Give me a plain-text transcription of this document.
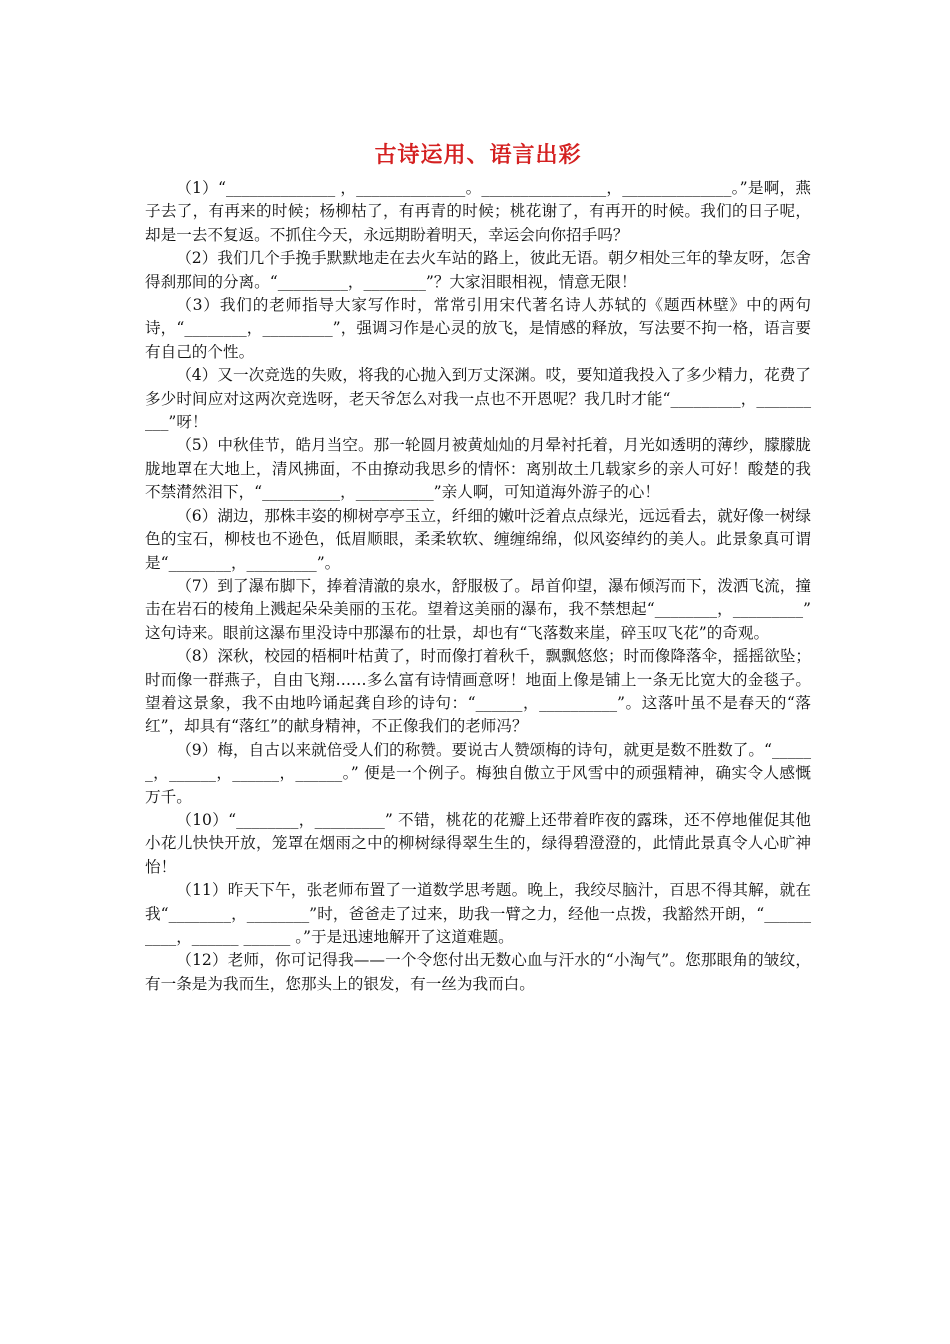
古诗运用、语言出彩

（1）“______________ ，______________。________________，______________。”是啊，燕子去了，有再来的时候；杨柳枯了，有再青的时候；桃花谢了，有再开的时候。我们的日子呢，却是一去不复返。不抓住今天，永远期盼着明天，幸运会向你招手吗？

（2）我们几个手挽手默默地走在去火车站的路上，彼此无语。朝夕相处三年的挚友呀，怎舍得刹那间的分离。“_________，________”？大家泪眼相视，情意无限！

（3）我们的老师指导大家写作时，常常引用宋代著名诗人苏轼的《题西林壁》中的两句诗，“________，_________”，强调习作是心灵的放飞，是情感的释放，写法要不拘一格，语言要有自己的个性。

（4）又一次竞选的失败，将我的心抛入到万丈深渊。哎，要知道我投入了多少精力，花费了多少时间应对这两次竞选呀，老天爷怎么对我一点也不开恩呢？我几时才能“_________，__________”呀！

（5）中秋佳节，皓月当空。那一轮圆月被黄灿灿的月晕衬托着，月光如透明的薄纱，朦朦胧胧地罩在大地上，清风拂面，不由撩动我思乡的情怀：离别故土几载家乡的亲人可好！酸楚的我不禁潸然泪下，“__________，__________”亲人啊，可知道海外游子的心！

（6）湖边，那株丰姿的柳树亭亭玉立，纤细的嫩叶泛着点点绿光，远远看去，就好像一树绿色的宝石，柳枝也不逊色，低眉顺眼，柔柔软软、缠缠绵绵，似风姿绰约的美人。此景象真可谓是“________，_________”。

（7）到了瀑布脚下，捧着清澈的泉水，舒服极了。昂首仰望，瀑布倾泻而下，泼洒飞流，撞击在岩石的棱角上溅起朵朵美丽的玉花。望着这美丽的瀑布，我不禁想起“________，_________” 这句诗来。眼前这瀑布里没诗中那瀑布的壮景，却也有“飞落数来崖，碎玉叹飞花”的奇观。

（8）深秋，校园的梧桐叶枯黄了，时而像打着秋千，飘飘悠悠；时而像降落伞，摇摇欲坠；时而像一群燕子，自由飞翔……多么富有诗情画意呀！地面上像是铺上一条无比宽大的金毯子。望着这景象，我不由地吟诵起龚自珍的诗句：“______，__________”。这落叶虽不是春天的“落红”，却具有“落红”的献身精神，不正像我们的老师冯？

（9）梅，自古以来就倍受人们的称赞。要说古人赞颂梅的诗句，就更是数不胜数了。“______，______，______，______。” 便是一个例子。梅独自傲立于风雪中的顽强精神，确实令人感慨万千。

（10）“________，_________” 不错，桃花的花瓣上还带着昨夜的露珠，还不停地催促其他小花儿快快开放，笼罩在烟雨之中的柳树绿得翠生生的，绿得碧澄澄的，此情此景真令人心旷神怡！

（11）昨天下午，张老师布置了一道数学思考题。晚上，我绞尽脑汁，百思不得其解，就在我“________，________”时，爸爸走了过来，助我一臂之力，经他一点拨，我豁然开朗，“__________，______ ______ 。”于是迅速地解开了这道难题。

（12）老师，你可记得我——一个令您付出无数心血与汗水的“小淘气”。您那眼角的皱纹，有一条是为我而生，您那头上的银发，有一丝为我而白。
